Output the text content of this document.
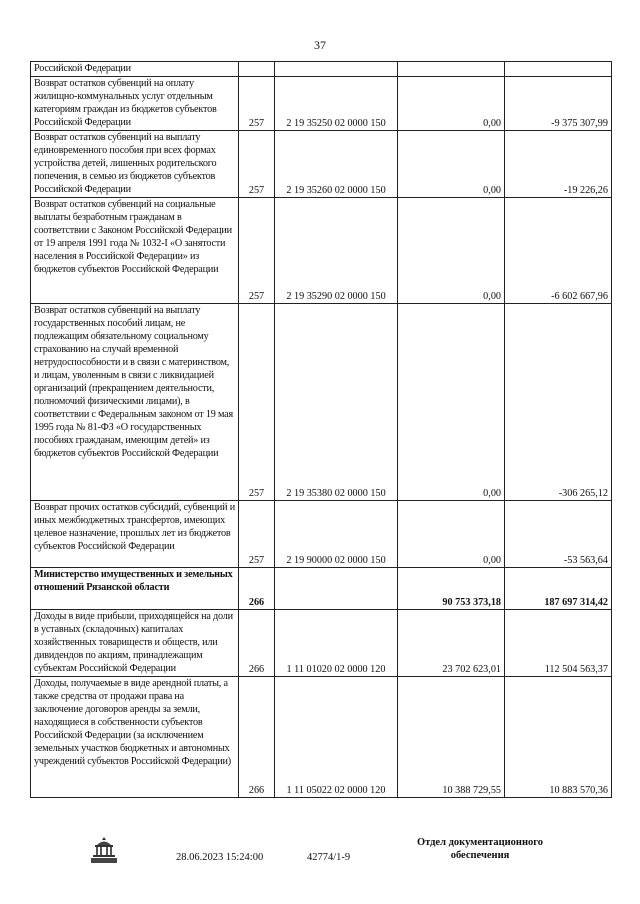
37
Российской Федерации				
Возврат остатков субвенций на оплату жилищно-коммунальных услуг отдельным категориям граждан из бюджетов субъектов Российской Федерации	257	2 19 35250 02 0000 150	0,00	-9 375 307,99
Возврат остатков субвенций на выплату единовременного пособия при всех формах устройства детей, лишенных родительского попечения, в семью из бюджетов субъектов Российской Федерации	257	2 19 35260 02 0000 150	0,00	-19 226,26
Возврат остатков субвенций на социальные выплаты безработным гражданам в соответствии с Законом Российской Федерации от 19 апреля 1991 года № 1032-I «О занятости населения в Российской Федерации» из бюджетов субъектов Российской Федерации	257	2 19 35290 02 0000 150	0,00	-6 602 667,96
Возврат остатков субвенций на выплату государственных пособий лицам, не подлежащим обязательному социальному страхованию на случай временной нетрудоспособности и в связи с материнством, и лицам, уволенным в связи с ликвидацией организаций (прекращением деятельности, полномочий физическими лицами), в соответствии с Федеральным законом от 19 мая 1995 года № 81-ФЗ «О государственных пособиях гражданам, имеющим детей» из бюджетов субъектов Российской Федерации	257	2 19 35380 02 0000 150	0,00	-306 265,12
Возврат прочих остатков субсидий, субвенций и иных межбюджетных трансфертов, имеющих целевое назначение, прошлых лет из бюджетов субъектов Российской Федерации	257	2 19 90000 02 0000 150	0,00	-53 563,64
Министерство имущественных и земельных отношений Рязанской области	266		90 753 373,18	187 697 314,42
Доходы в виде прибыли, приходящейся на доли в уставных (складочных) капиталах хозяйственных товариществ и обществ, или дивидендов по акциям, принадлежащим субъектам Российской Федерации	266	1 11 01020 02 0000 120	23 702 623,01	112 504 563,37
Доходы, получаемые в виде арендной платы, а также средства от продажи права на заключение договоров аренды за земли, находящиеся в собственности субъектов Российской Федерации (за исключением земельных участков бюджетных и автономных учреждений субъектов Российской Федерации)	266	1 11 05022 02 0000 120	10 388 729,55	10 883 570,36
28.06.2023 15:24:00	42774/1-9
Отдел документационного
обеспечения
